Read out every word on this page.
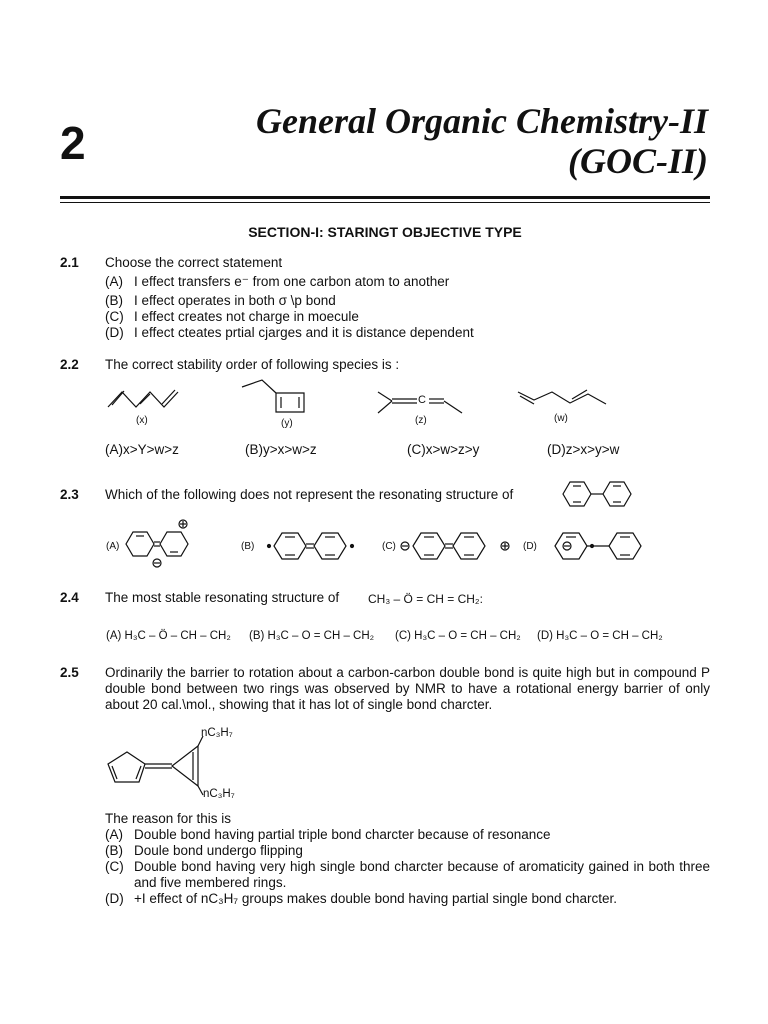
2	General Organic Chemistry-II
(GOC-II)
SECTION-I: STARINGT OBJECTIVE TYPE
2.1 Choose the correct statement
(A) I effect transfers e⁻ from one carbon atom to another
(B) I effect operates in both σ \p bond
(C) I effect creates not charge in moecule
(D) I effect cteates prtial cjarges and it is distance dependent
2.2 The correct stability order of following species is :
(x)	(y)	(z)	(w)
C
(A)x>Y>w>z	(B)y>x>w>z	(C)x>w>z>y	(D)z>x>y>w
2.3 Which of the following does not represent the resonating structure of
(A)	(B)	(C)	(D)
2.4 The most stable resonating structure of CH₃ – Ö = CH = CH₂:
(A) H₃C – Ö – CH – CH₂ (B) H₃C – O = CH – CH₂ (C) H₃C – O = CH – CH₂ (D) H₃C – O = CH – CH₂
2.5 Ordinarily the barrier to rotation about a carbon-carbon double bond is quite high but in compound P double bond between two rings was observed by NMR to have a rotational energy barrier of only about 20 cal.\mol., showing that it has lot of single bond charcter.
nC₃H₇
nC₃H₇
The reason for this is
(A) Double bond having partial triple bond charcter because of resonance
(B) Doule bond undergo flipping
(C) Double bond having very high single bond charcter because of aromaticity gained in both three and five membered rings.
(D) +I effect of nC₃H₇ groups makes double bond having partial single bond charcter.
